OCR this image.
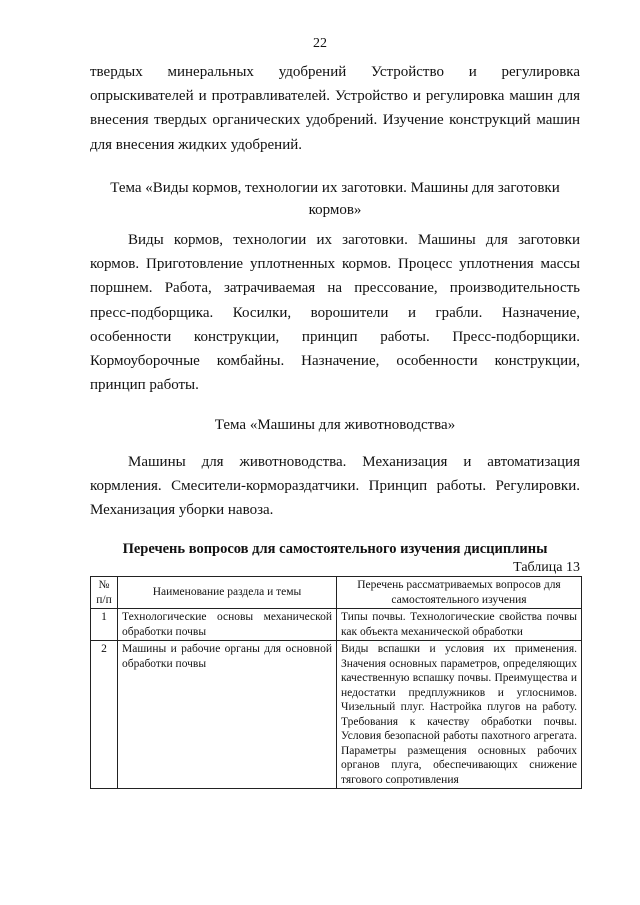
22

твердых минеральных удобрений Устройство и регулировка опрыскивателей и протравливателей. Устройство и регулировка машин для внесения твердых органических удобрений. Изучение конструкций машин для внесения жидких удобрений.

Тема «Виды кормов, технологии их заготовки. Машины для заготовки кормов»

Виды кормов, технологии их заготовки. Машины для заготовки кормов. Приготовление уплотненных кормов. Процесс уплотнения массы поршнем. Работа, затрачиваемая на прессование, производительность пресс-подборщика. Косилки, ворошители и грабли. Назначение, особенности конструкции, принцип работы. Пресс-подборщики. Кормоуборочные комбайны. Назначение, особенности конструкции, принцип работы.

Тема «Машины для животноводства»

Машины для животноводства. Механизация и автоматизация кормления. Смесители-кормораздатчики. Принцип работы. Регулировки. Механизация уборки навоза.

Перечень вопросов для самостоятельного изучения дисциплины

Таблица 13
№ п/п	Наименование раздела и темы	Перечень рассматриваемых вопросов для самостоятельного изучения
1	Технологические основы механической обработки почвы	Типы почвы. Технологические свойства почвы как объекта механической обработки
2	Машины и рабочие органы для основной обработки почвы	Виды вспашки и условия их применения. Значения основных параметров, определяющих качественную вспашку почвы. Преимущества и недостатки предплужников и углоснимов. Чизельный плуг. Настройка плугов на работу. Требования к качеству обработки почвы. Условия безопасной работы пахотного агрегата. Параметры размещения основных рабочих органов плуга, обеспечивающих снижение тягового сопротивления
